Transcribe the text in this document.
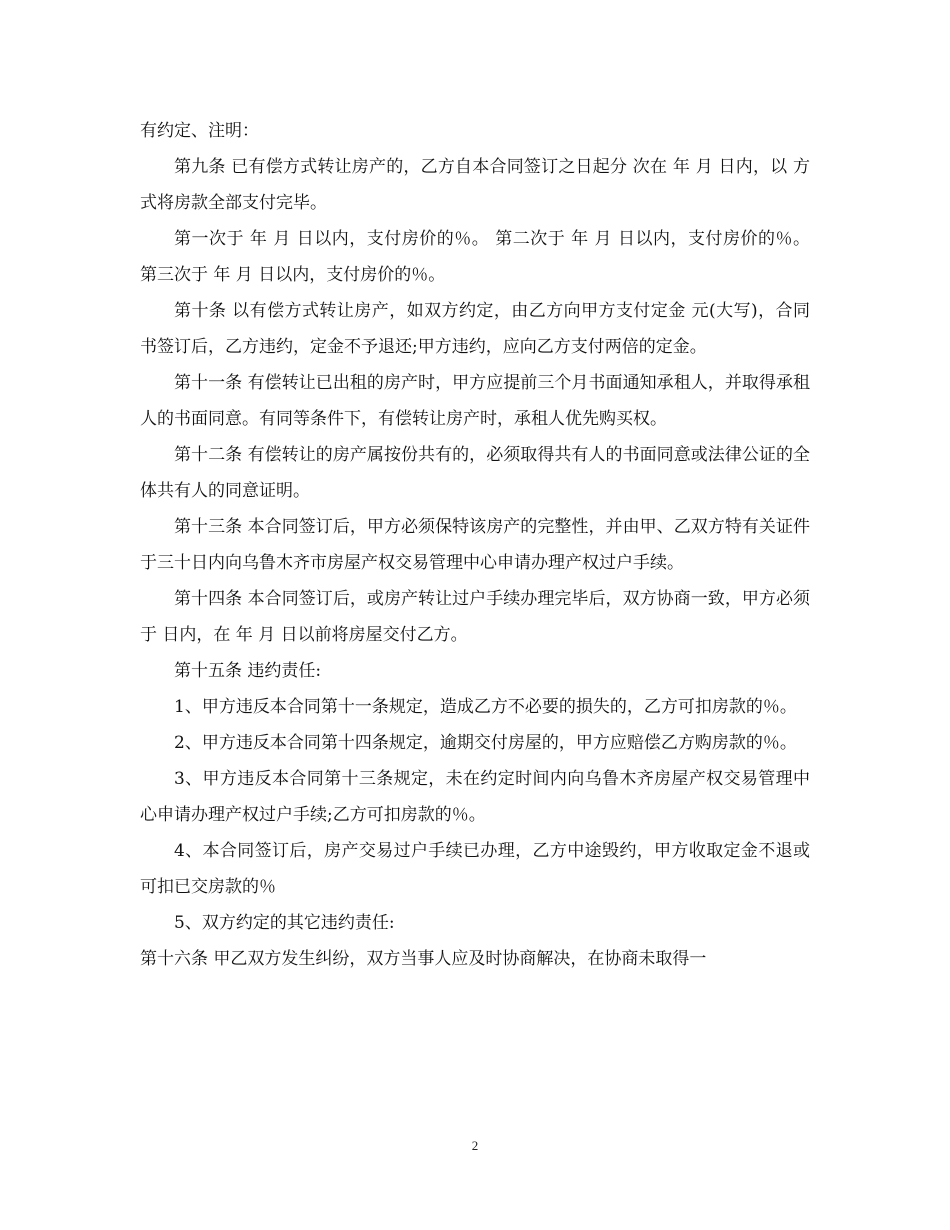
有约定、注明：

第九条 已有偿方式转让房产的，乙方自本合同签订之日起分 次在 年 月 日内，以 方式将房款全部支付完毕。

第一次于 年 月 日以内，支付房价的％。 第二次于 年 月 日以内，支付房价的％。 第三次于 年 月 日以内，支付房价的％。

第十条 以有偿方式转让房产，如双方约定，由乙方向甲方支付定金 元(大写)，合同书签订后，乙方违约，定金不予退还;甲方违约，应向乙方支付两倍的定金。

第十一条 有偿转让已出租的房产时，甲方应提前三个月书面通知承租人，并取得承租人的书面同意。有同等条件下，有偿转让房产时，承租人优先购买权。

第十二条 有偿转让的房产属按份共有的，必须取得共有人的书面同意或法律公证的全体共有人的同意证明。

第十三条 本合同签订后，甲方必须保特该房产的完整性，并由甲、乙双方特有关证件于三十日内向乌鲁木齐市房屋产权交易管理中心申请办理产权过户手续。

第十四条 本合同签订后，或房产转让过户手续办理完毕后，双方协商一致，甲方必须于 日内，在 年 月 日以前将房屋交付乙方。

第十五条 违约责任:

1、甲方违反本合同第十一条规定，造成乙方不必要的损失的，乙方可扣房款的％。

2、甲方违反本合同第十四条规定，逾期交付房屋的，甲方应赔偿乙方购房款的％。

3、甲方违反本合同第十三条规定，未在约定时间内向乌鲁木齐房屋产权交易管理中心申请办理产权过户手续;乙方可扣房款的％。

4、本合同签订后，房产交易过户手续已办理，乙方中途毁约，甲方收取定金不退或可扣已交房款的％

5、双方约定的其它违约责任:

第十六条 甲乙双方发生纠纷，双方当事人应及时协商解决，在协商未取得一

2
